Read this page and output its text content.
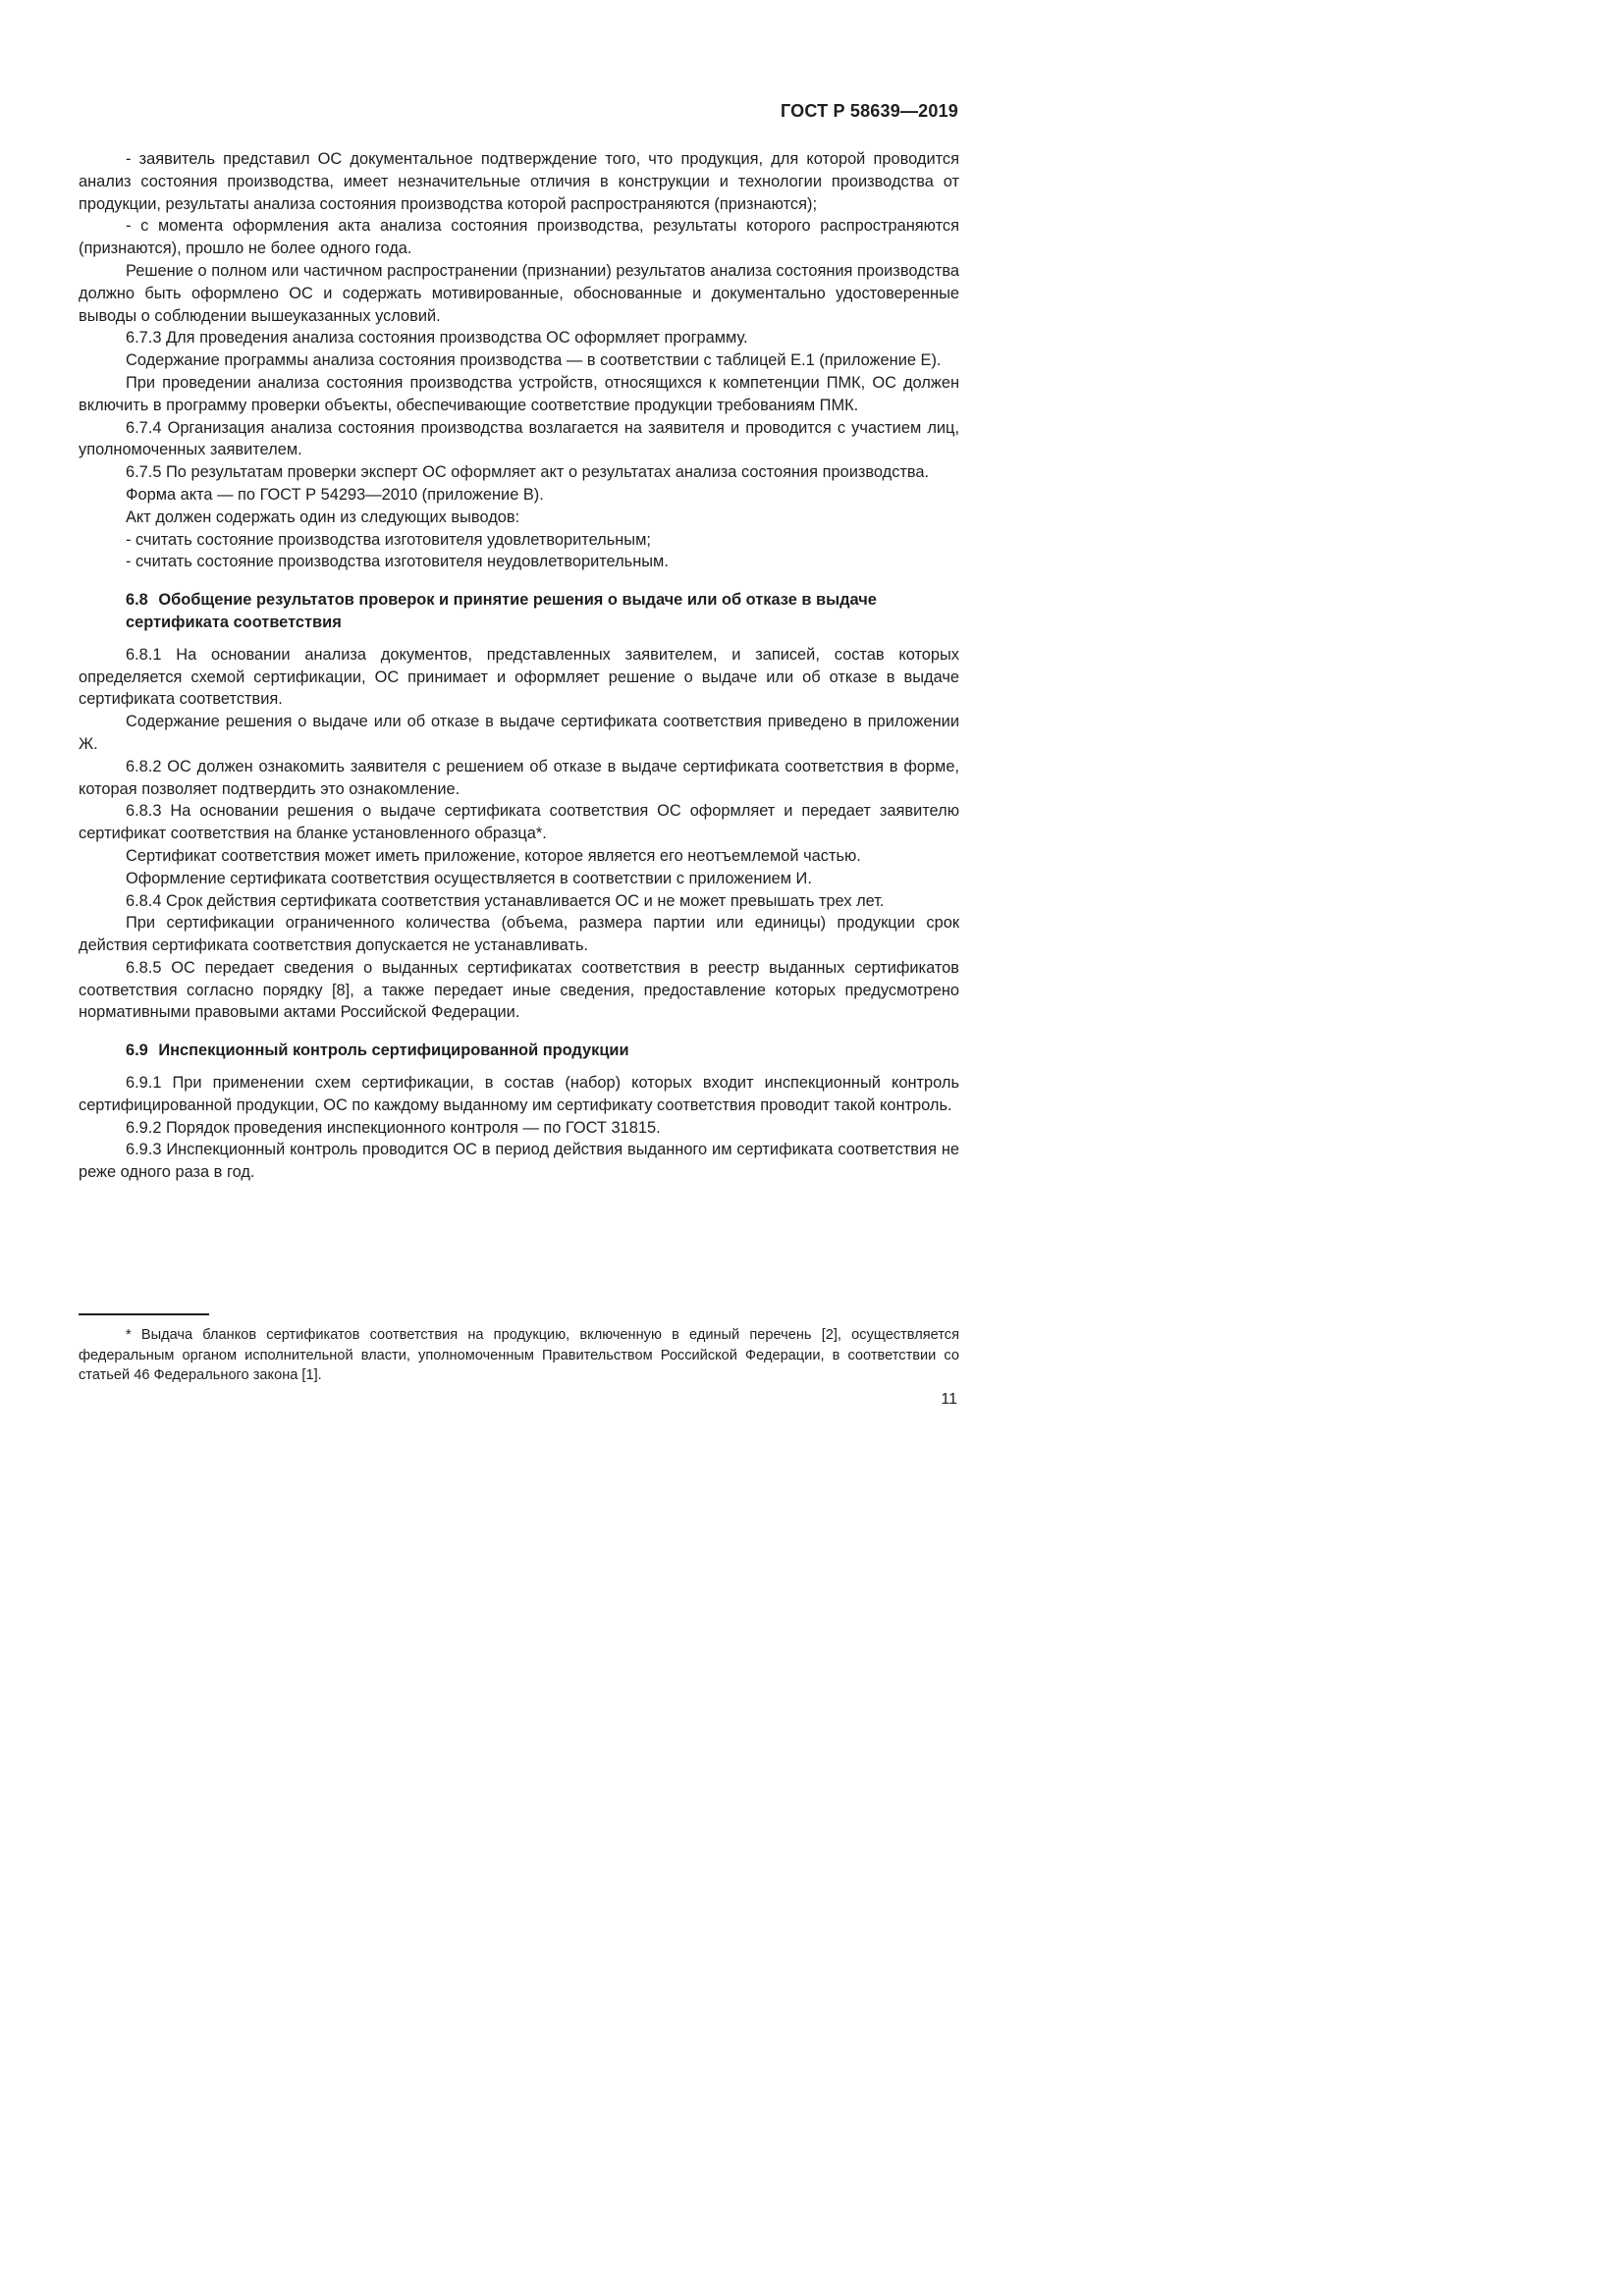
ГОСТ Р 58639—2019

- заявитель представил ОС документальное подтверждение того, что продукция, для которой проводится анализ состояния производства, имеет незначительные отличия в конструкции и технологии производства от продукции, результаты анализа состояния производства которой распространяются (признаются);

- с момента оформления акта анализа состояния производства, результаты которого распространяются (признаются), прошло не более одного года.

Решение о полном или частичном распространении (признании) результатов анализа состояния производства должно быть оформлено ОС и содержать мотивированные, обоснованные и документально удостоверенные выводы о соблюдении вышеуказанных условий.

6.7.3 Для проведения анализа состояния производства ОС оформляет программу.

Содержание программы анализа состояния производства — в соответствии с таблицей Е.1 (приложение Е).

При проведении анализа состояния производства устройств, относящихся к компетенции ПМК, ОС должен включить в программу проверки объекты, обеспечивающие соответствие продукции требованиям ПМК.

6.7.4 Организация анализа состояния производства возлагается на заявителя и проводится с участием лиц, уполномоченных заявителем.

6.7.5 По результатам проверки эксперт ОС оформляет акт о результатах анализа состояния производства.

Форма акта — по ГОСТ Р 54293—2010 (приложение В).

Акт должен содержать один из следующих выводов:

- считать состояние производства изготовителя удовлетворительным;

- считать состояние производства изготовителя неудовлетворительным.

6.8 Обобщение результатов проверок и принятие решения о выдаче или об отказе в выдаче сертификата соответствия

6.8.1 На основании анализа документов, представленных заявителем, и записей, состав которых определяется схемой сертификации, ОС принимает и оформляет решение о выдаче или об отказе в выдаче сертификата соответствия.

Содержание решения о выдаче или об отказе в выдаче сертификата соответствия приведено в приложении Ж.

6.8.2 ОС должен ознакомить заявителя с решением об отказе в выдаче сертификата соответствия в форме, которая позволяет подтвердить это ознакомление.

6.8.3 На основании решения о выдаче сертификата соответствия ОС оформляет и передает заявителю сертификат соответствия на бланке установленного образца*.

Сертификат соответствия может иметь приложение, которое является его неотъемлемой частью.

Оформление сертификата соответствия осуществляется в соответствии с приложением И.

6.8.4 Срок действия сертификата соответствия устанавливается ОС и не может превышать трех лет.

При сертификации ограниченного количества (объема, размера партии или единицы) продукции срок действия сертификата соответствия допускается не устанавливать.

6.8.5 ОС передает сведения о выданных сертификатах соответствия в реестр выданных сертификатов соответствия согласно порядку [8], а также передает иные сведения, предоставление которых предусмотрено нормативными правовыми актами Российской Федерации.

6.9 Инспекционный контроль сертифицированной продукции

6.9.1 При применении схем сертификации, в состав (набор) которых входит инспекционный контроль сертифицированной продукции, ОС по каждому выданному им сертификату соответствия проводит такой контроль.

6.9.2 Порядок проведения инспекционного контроля — по ГОСТ 31815.

6.9.3 Инспекционный контроль проводится ОС в период действия выданного им сертификата соответствия не реже одного раза в год.

* Выдача бланков сертификатов соответствия на продукцию, включенную в единый перечень [2], осуществляется федеральным органом исполнительной власти, уполномоченным Правительством Российской Федерации, в соответствии со статьей 46 Федерального закона [1].

11
